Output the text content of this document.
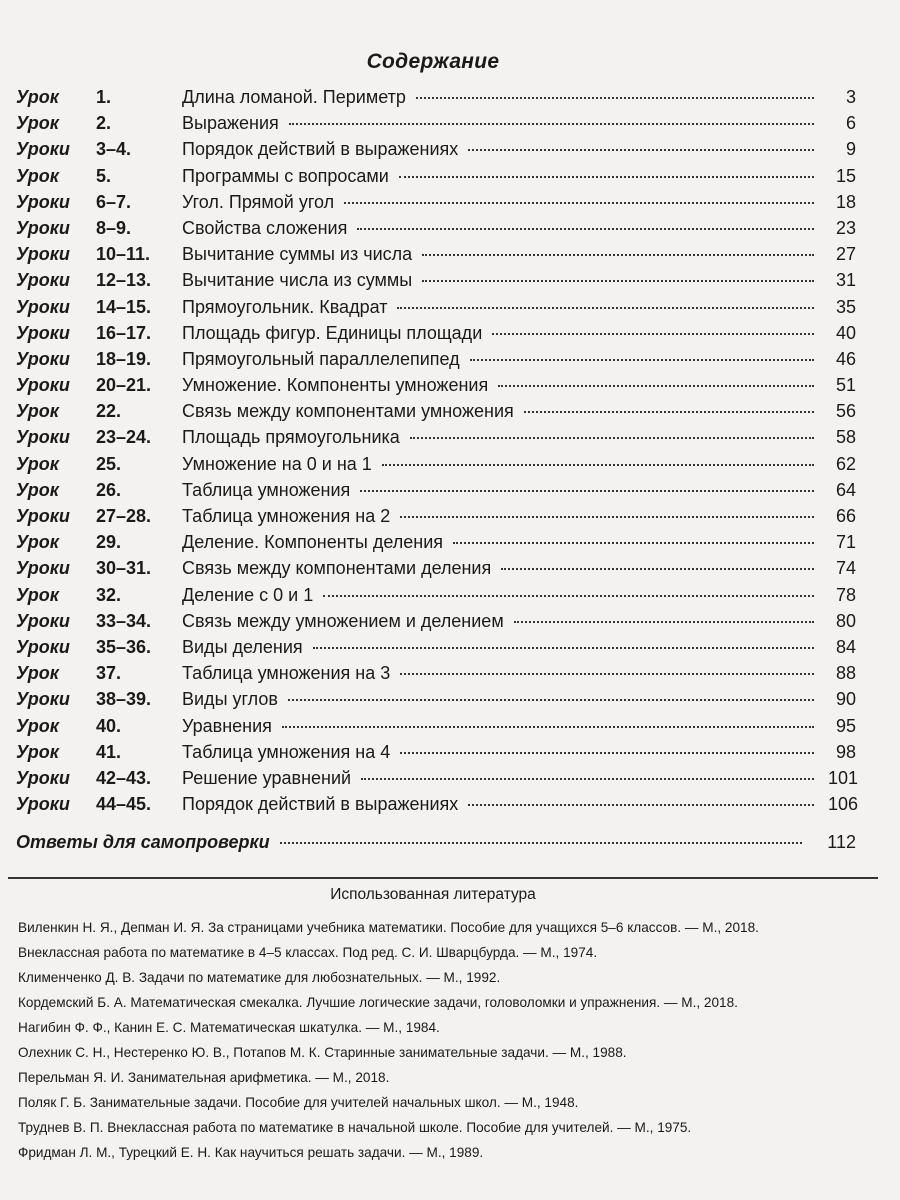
Содержание
Урок	1.	Длина ломаной. Периметр	3
Урок	2.	Выражения	6
Уроки	3–4.	Порядок действий в выражениях	9
Урок	5.	Программы с вопросами	15
Уроки	6–7.	Угол. Прямой угол	18
Уроки	8–9.	Свойства сложения	23
Уроки	10–11.	Вычитание суммы из числа	27
Уроки	12–13.	Вычитание числа из суммы	31
Уроки	14–15.	Прямоугольник. Квадрат	35
Уроки	16–17.	Площадь фигур. Единицы площади	40
Уроки	18–19.	Прямоугольный параллелепипед	46
Уроки	20–21.	Умножение. Компоненты умножения	51
Урок	22.	Связь между компонентами умножения	56
Уроки	23–24.	Площадь прямоугольника	58
Урок	25.	Умножение на 0 и на 1	62
Урок	26.	Таблица умножения	64
Уроки	27–28.	Таблица умножения на 2	66
Урок	29.	Деление. Компоненты деления	71
Уроки	30–31.	Связь между компонентами деления	74
Урок	32.	Деление с 0 и 1	78
Уроки	33–34.	Связь между умножением и делением	80
Уроки	35–36.	Виды деления	84
Урок	37.	Таблица умножения на 3	88
Уроки	38–39.	Виды углов	90
Урок	40.	Уравнения	95
Урок	41.	Таблица умножения на 4	98
Уроки	42–43.	Решение уравнений	101
Уроки	44–45.	Порядок действий в выражениях	106
Ответы для самопроверки	112
Использованная литература
Виленкин Н. Я., Депман И. Я. За страницами учебника математики. Пособие для учащихся 5–6 классов. — М., 2018.
Внеклассная работа по математике в 4–5 классах. Под ред. С. И. Шварцбурда. — М., 1974.
Клименченко Д. В. Задачи по математике для любознательных. — М., 1992.
Кордемский Б. А. Математическая смекалка. Лучшие логические задачи, головоломки и упражнения. — М., 2018.
Нагибин Ф. Ф., Канин Е. С. Математическая шкатулка. — М., 1984.
Олехник С. Н., Нестеренко Ю. В., Потапов М. К. Старинные занимательные задачи. — М., 1988.
Перельман Я. И. Занимательная арифметика. — М., 2018.
Поляк Г. Б. Занимательные задачи. Пособие для учителей начальных школ. — М., 1948.
Труднев В. П. Внеклассная работа по математике в начальной школе. Пособие для учителей. — М., 1975.
Фридман Л. М., Турецкий Е. Н. Как научиться решать задачи. — М., 1989.
